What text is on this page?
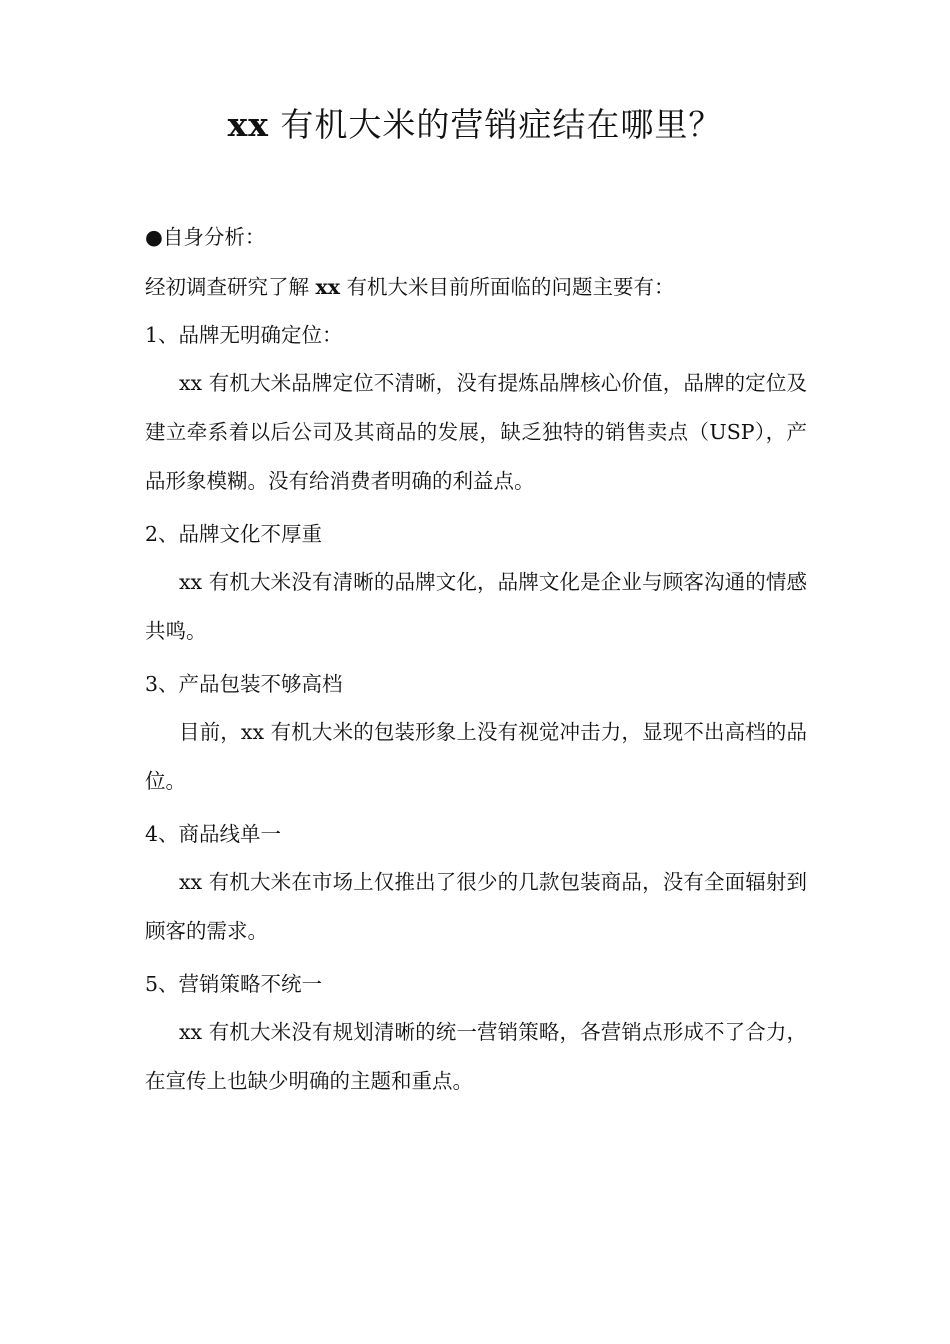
xx 有机大米的营销症结在哪里？
●自身分析：
经初调查研究了解 xx 有机大米目前所面临的问题主要有：
1、品牌无明确定位：
xx 有机大米品牌定位不清晰，没有提炼品牌核心价值，品牌的定位及建立牵系着以后公司及其商品的发展，缺乏独特的销售卖点（USP），产品形象模糊。没有给消费者明确的利益点。
2、品牌文化不厚重
xx 有机大米没有清晰的品牌文化，品牌文化是企业与顾客沟通的情感共鸣。
3、产品包装不够高档
目前，xx 有机大米的包装形象上没有视觉冲击力，显现不出高档的品位。
4、商品线单一
xx 有机大米在市场上仅推出了很少的几款包装商品，没有全面辐射到顾客的需求。
5、营销策略不统一
xx 有机大米没有规划清晰的统一营销策略，各营销点形成不了合力，在宣传上也缺少明确的主题和重点。
